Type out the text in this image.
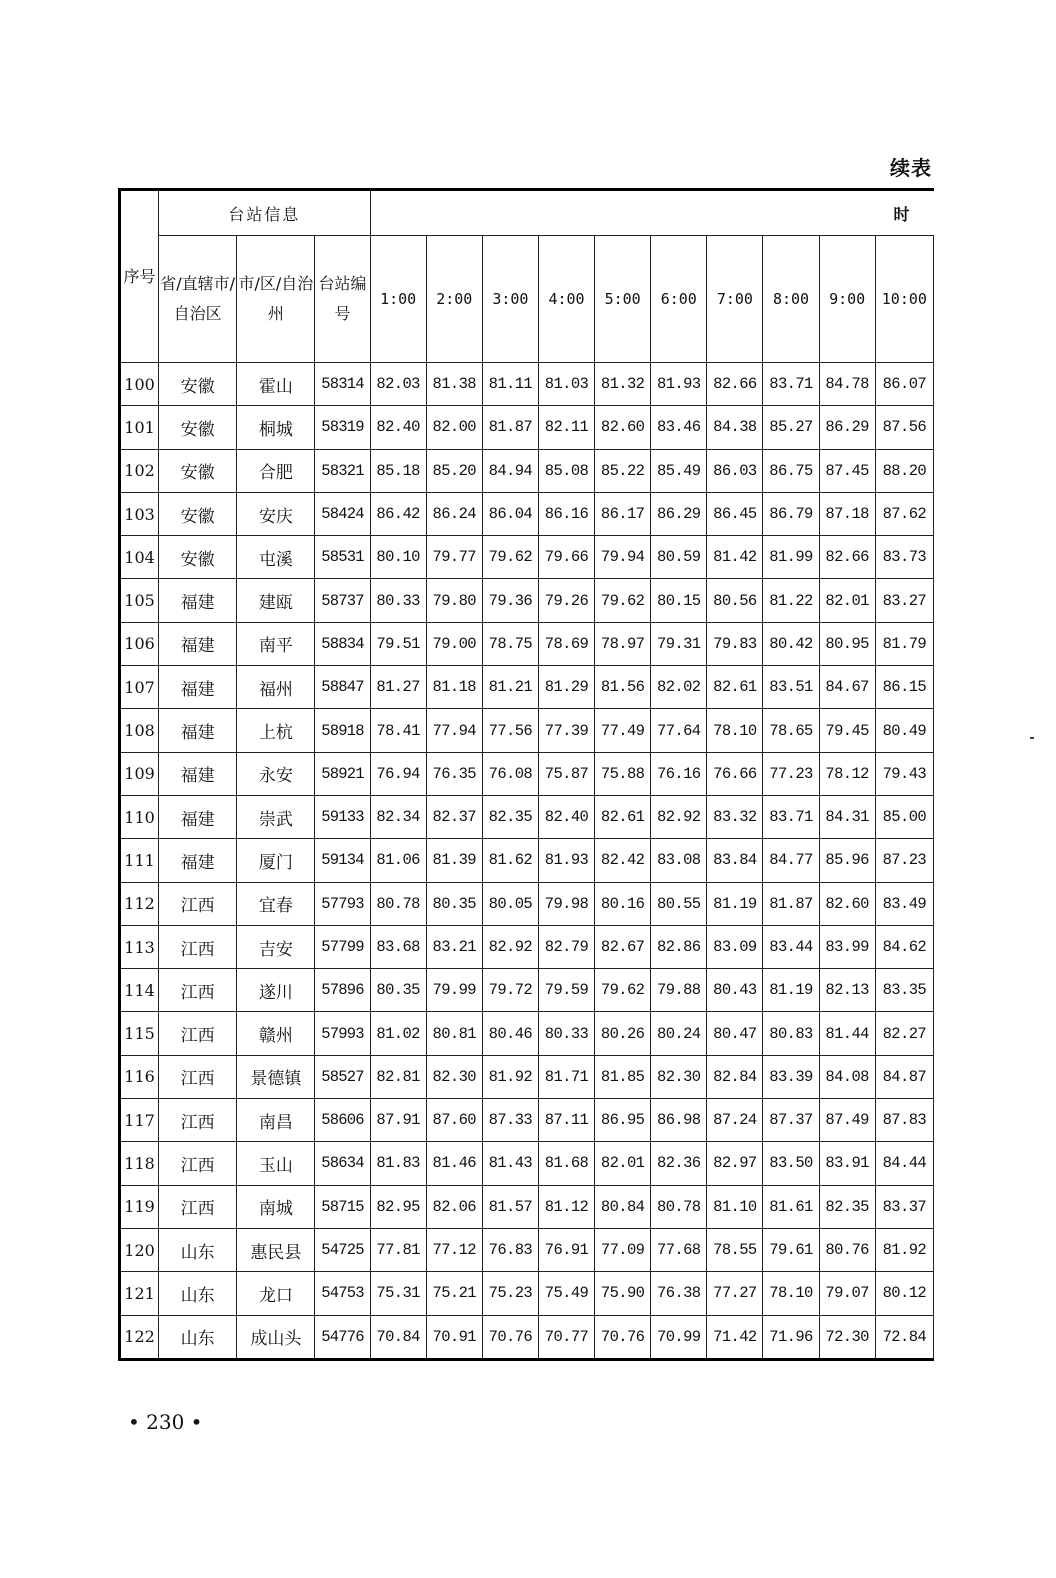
续表
序号	台站信息			时									
	省/直辖市/自治区	市/区/自治州	台站编号	1:00	2:00	3:00	4:00	5:00	6:00	7:00	8:00	9:00	10:00
100	安徽	霍山	58314	82.03	81.38	81.11	81.03	81.32	81.93	82.66	83.71	84.78	86.07
101	安徽	桐城	58319	82.40	82.00	81.87	82.11	82.60	83.46	84.38	85.27	86.29	87.56
102	安徽	合肥	58321	85.18	85.20	84.94	85.08	85.22	85.49	86.03	86.75	87.45	88.20
103	安徽	安庆	58424	86.42	86.24	86.04	86.16	86.17	86.29	86.45	86.79	87.18	87.62
104	安徽	屯溪	58531	80.10	79.77	79.62	79.66	79.94	80.59	81.42	81.99	82.66	83.73
105	福建	建瓯	58737	80.33	79.80	79.36	79.26	79.62	80.15	80.56	81.22	82.01	83.27
106	福建	南平	58834	79.51	79.00	78.75	78.69	78.97	79.31	79.83	80.42	80.95	81.79
107	福建	福州	58847	81.27	81.18	81.21	81.29	81.56	82.02	82.61	83.51	84.67	86.15
108	福建	上杭	58918	78.41	77.94	77.56	77.39	77.49	77.64	78.10	78.65	79.45	80.49
109	福建	永安	58921	76.94	76.35	76.08	75.87	75.88	76.16	76.66	77.23	78.12	79.43
110	福建	崇武	59133	82.34	82.37	82.35	82.40	82.61	82.92	83.32	83.71	84.31	85.00
111	福建	厦门	59134	81.06	81.39	81.62	81.93	82.42	83.08	83.84	84.77	85.96	87.23
112	江西	宜春	57793	80.78	80.35	80.05	79.98	80.16	80.55	81.19	81.87	82.60	83.49
113	江西	吉安	57799	83.68	83.21	82.92	82.79	82.67	82.86	83.09	83.44	83.99	84.62
114	江西	遂川	57896	80.35	79.99	79.72	79.59	79.62	79.88	80.43	81.19	82.13	83.35
115	江西	赣州	57993	81.02	80.81	80.46	80.33	80.26	80.24	80.47	80.83	81.44	82.27
116	江西	景德镇	58527	82.81	82.30	81.92	81.71	81.85	82.30	82.84	83.39	84.08	84.87
117	江西	南昌	58606	87.91	87.60	87.33	87.11	86.95	86.98	87.24	87.37	87.49	87.83
118	江西	玉山	58634	81.83	81.46	81.43	81.68	82.01	82.36	82.97	83.50	83.91	84.44
119	江西	南城	58715	82.95	82.06	81.57	81.12	80.84	80.78	81.10	81.61	82.35	83.37
120	山东	惠民县	54725	77.81	77.12	76.83	76.91	77.09	77.68	78.55	79.61	80.76	81.92
121	山东	龙口	54753	75.31	75.21	75.23	75.49	75.90	76.38	77.27	78.10	79.07	80.12
122	山东	成山头	54776	70.84	70.91	70.76	70.77	70.76	70.99	71.42	71.96	72.30	72.84
• 230 •
